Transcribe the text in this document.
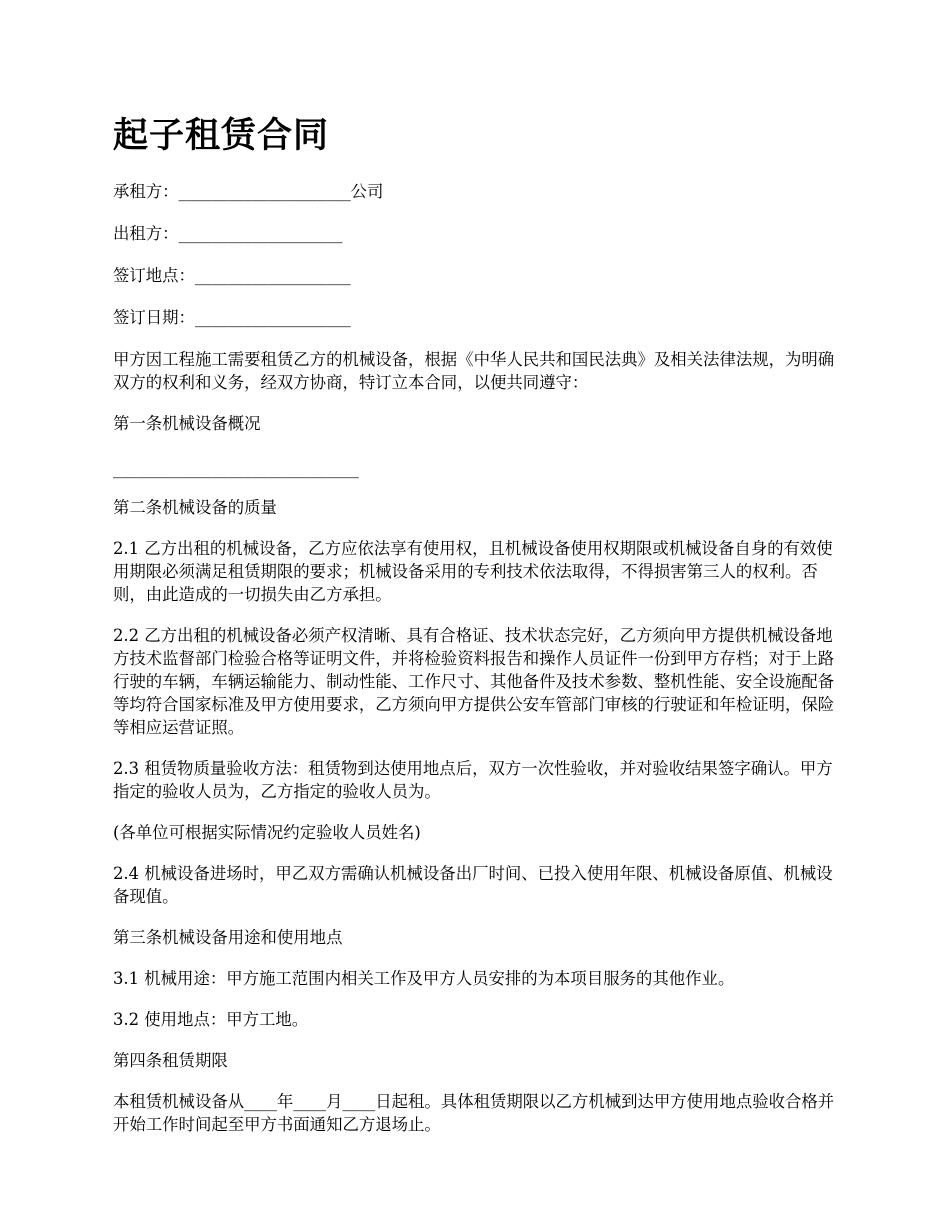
起子租赁合同

承租方：_____________________公司

出租方：____________________

签订地点：___________________

签订日期：___________________

甲方因工程施工需要租赁乙方的机械设备，根据《中华人民共和国民法典》及相关法律法规，为明确双方的权利和义务，经双方协商，特订立本合同，以便共同遵守：

第一条机械设备概况

______________________________

第二条机械设备的质量

2.1 乙方出租的机械设备，乙方应依法享有使用权，且机械设备使用权期限或机械设备自身的有效使用期限必须满足租赁期限的要求；机械设备采用的专利技术依法取得，不得损害第三人的权利。否则，由此造成的一切损失由乙方承担。

2.2 乙方出租的机械设备必须产权清晰、具有合格证、技术状态完好，乙方须向甲方提供机械设备地方技术监督部门检验合格等证明文件，并将检验资料报告和操作人员证件一份到甲方存档；对于上路行驶的车辆，车辆运输能力、制动性能、工作尺寸、其他备件及技术参数、整机性能、安全设施配备等均符合国家标准及甲方使用要求，乙方须向甲方提供公安车管部门审核的行驶证和年检证明，保险等相应运营证照。

2.3 租赁物质量验收方法：租赁物到达使用地点后，双方一次性验收，并对验收结果签字确认。甲方指定的验收人员为，乙方指定的验收人员为。

(各单位可根据实际情况约定验收人员姓名)

2.4 机械设备进场时，甲乙双方需确认机械设备出厂时间、已投入使用年限、机械设备原值、机械设备现值。

第三条机械设备用途和使用地点

3.1 机械用途：甲方施工范围内相关工作及甲方人员安排的为本项目服务的其他作业。

3.2 使用地点：甲方工地。

第四条租赁期限

本租赁机械设备从____年____月____日起租。具体租赁期限以乙方机械到达甲方使用地点验收合格并开始工作时间起至甲方书面通知乙方退场止。
